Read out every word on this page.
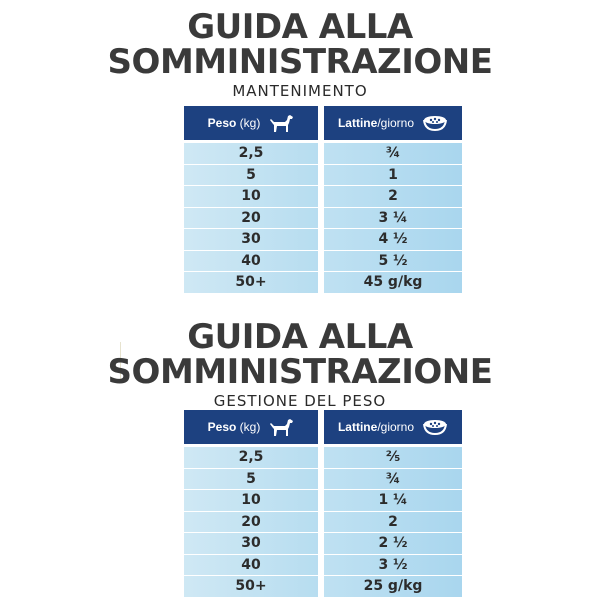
GUIDA ALLA
SOMMINISTRAZIONE
MANTENIMENTO
Peso (kg)	Lattine/giorno
2,5	¾
5	1
10	2
20	3 ¼
30	4 ½
40	5 ½
50+	45 g/kg
GUIDA ALLA
SOMMINISTRAZIONE
GESTIONE DEL PESO
Peso (kg)	Lattine/giorno
2,5	⅖
5	¾
10	1 ¼
20	2
30	2 ½
40	3 ½
50+	25 g/kg
